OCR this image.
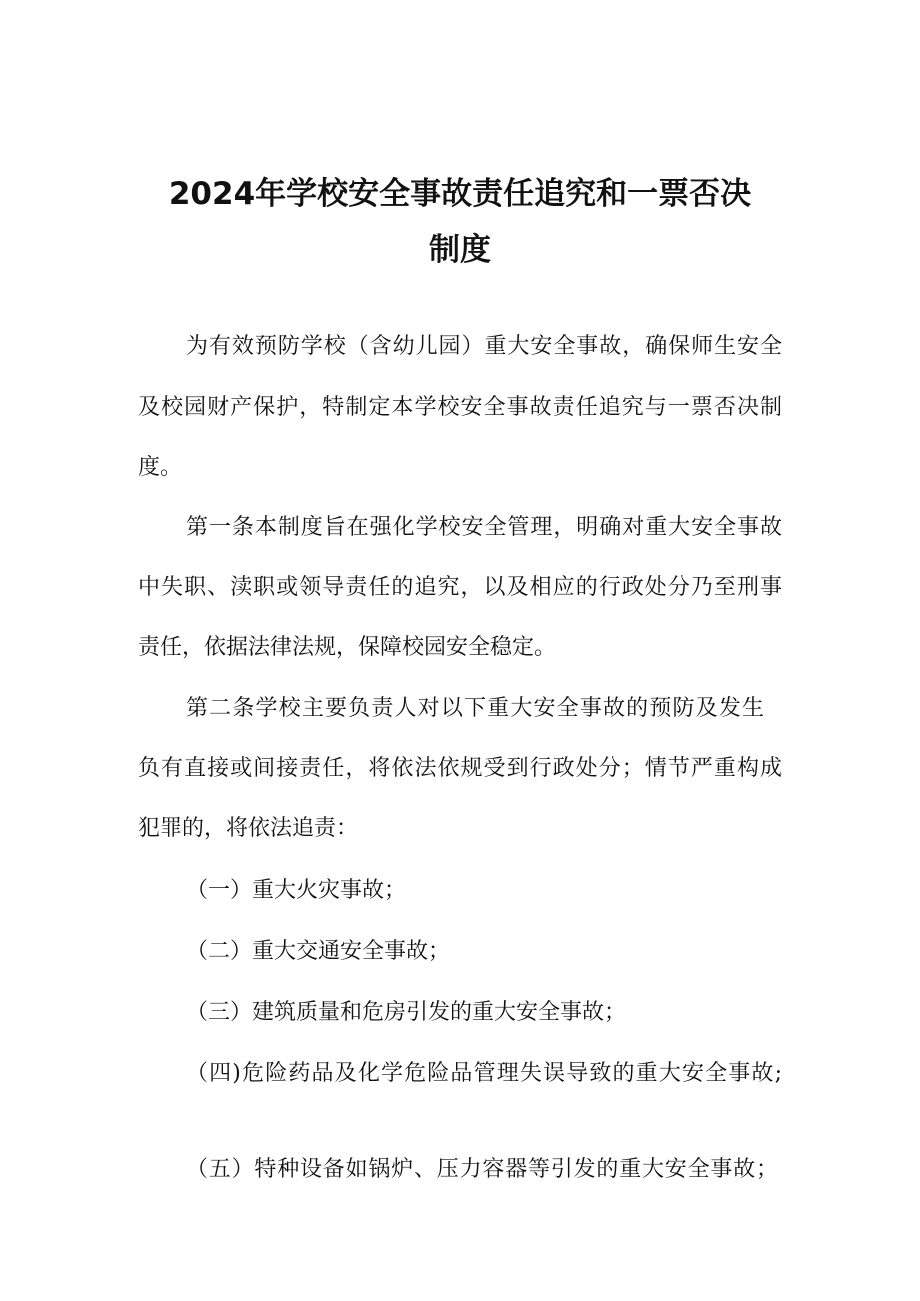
2024年学校安全事故责任追究和一票否决
制度
为有效预防学校（含幼儿园）重大安全事故，确保师生安全
及校园财产保护，特制定本学校安全事故责任追究与一票否决制
度。
第一条本制度旨在强化学校安全管理，明确对重大安全事故
中失职、渎职或领导责任的追究，以及相应的行政处分乃至刑事
责任，依据法律法规，保障校园安全稳定。
第二条学校主要负责人对以下重大安全事故的预防及发生
负有直接或间接责任，将依法依规受到行政处分；情节严重构成
犯罪的，将依法追责：
（一）重大火灾事故；
（二）重大交通安全事故；
（三）建筑质量和危房引发的重大安全事故；
（四)危险药品及化学危险品管理失误导致的重大安全事故;
（五）特种设备如锅炉、压力容器等引发的重大安全事故；
